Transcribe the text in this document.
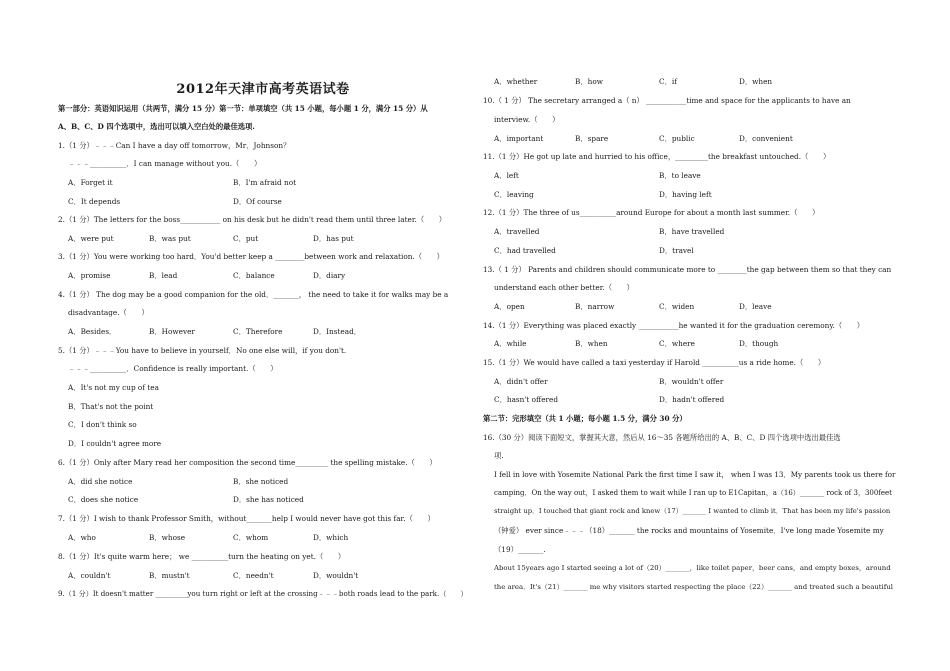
2012年天津市高考英语试卷
第一部分：英语知识运用（共两节，满分 15 分）第一节：单项填空（共 15 小题，每小题 1 分，满分 15 分）从
A、B、C、D 四个选项中，选出可以填入空白处的最佳选项.
1.（1 分）﹣﹣﹣Can I have a day off tomorrow，Mr．Johnson？
﹣﹣﹣__________．I can manage without you.（　　）
A．Forget it	B．I'm afraid not
C．It depends	D．Of course
2.（1 分）The letters for the boss___________ on his desk but he didn't read them until three later.（　　）
A．were put	B．was put	C．put	D．has put
3.（1 分）You were working too hard．You'd better keep a ________between work and relaxation.（　　）
A．promise	B．lead	C．balance	D．diary
4.（1 分） The dog may be a good companion for the old．_______， the need to take it for walks may be a
disadvantage.（　　）
A．Besides．	B．However	C．Therefore	D．Instead．
5.（1 分）﹣﹣﹣You have to believe in yourself．No one else will，if you don't.
﹣﹣﹣__________．Confidence is really important.（　　）
A．It's not my cup of tea
B．That's not the point
C．I don't think so
D．I couldn't agree more
6.（1 分）Only after Mary read her composition the second time_________ the spelling mistake.（　　）
A．did she notice	B．she noticed
C．does she notice	D．she has noticed
7.（1 分）I wish to thank Professor Smith，without_______help I would never have got this far.（　　）
A．who	B．whose	C．whom	D．which
8.（1 分）It's quite warm here； we __________turn the heating on yet.（　　）
A．couldn't	B．mustn't	C．needn't	D．wouldn't
9.（1 分）It doesn't matter _________you turn right or left at the crossing﹣﹣﹣both roads lead to the park.（　　）
A．whether	B．how	C．if	D．when
10.（ 1 分） The secretary arranged a（ n） ___________time and space for the applicants to have an
interview.（　　）
A．important	B．spare	C．public	D．convenient
11.（1 分）He got up late and hurried to his office，_________the breakfast untouched.（　　）
A．left	B．to leave
C．leaving	D．having left
12.（1 分）The three of us__________around Europe for about a month last summer.（　　）
A．travelled	B．have travelled
C．had travelled	D．travel
13.（ 1 分） Parents and children should communicate more to ________the gap between them so that they can
understand each other better.（　　）
A．open	B．narrow	C．widen	D．leave
14.（1 分）Everything was placed exactly ___________he wanted it for the graduation ceremony.（　　）
A．while	B．when	C．where	D．though
15.（1 分）We would have called a taxi yesterday if Harold __________us a ride home.（　　）
A．didn't offer	B．wouldn't offer
C．hasn't offered	D．hadn't offered
第二节：完形填空（共 1 小题；每小题 1.5 分，满分 30 分）
16.（30 分）阅读下面短文，掌握其大意，然后从 16～35 各题所给出的 A、B、C、D 四个选项中选出最佳选
项.
I fell in love with Yosemite National Park the first time I saw it， when I was 13．My parents took us there for
camping．On the way out，I asked them to wait while I ran up to E1Capitan，a（16）_______ rock of 3，300feet
straight up．I touched that giant rock and knew（17）_______ I wanted to climb it．That has been my life's passion
（钟爱） ever since﹣﹣﹣（18）_______ the rocks and mountains of Yosemite．I've long made Yosemite my
（19）_______.
About 15years ago I started seeing a lot of（20）_______，like toilet paper，beer cans，and empty boxes，around
the area．It's（21）_______ me why visitors started respecting the place（22）_______ and treated such a beautiful
